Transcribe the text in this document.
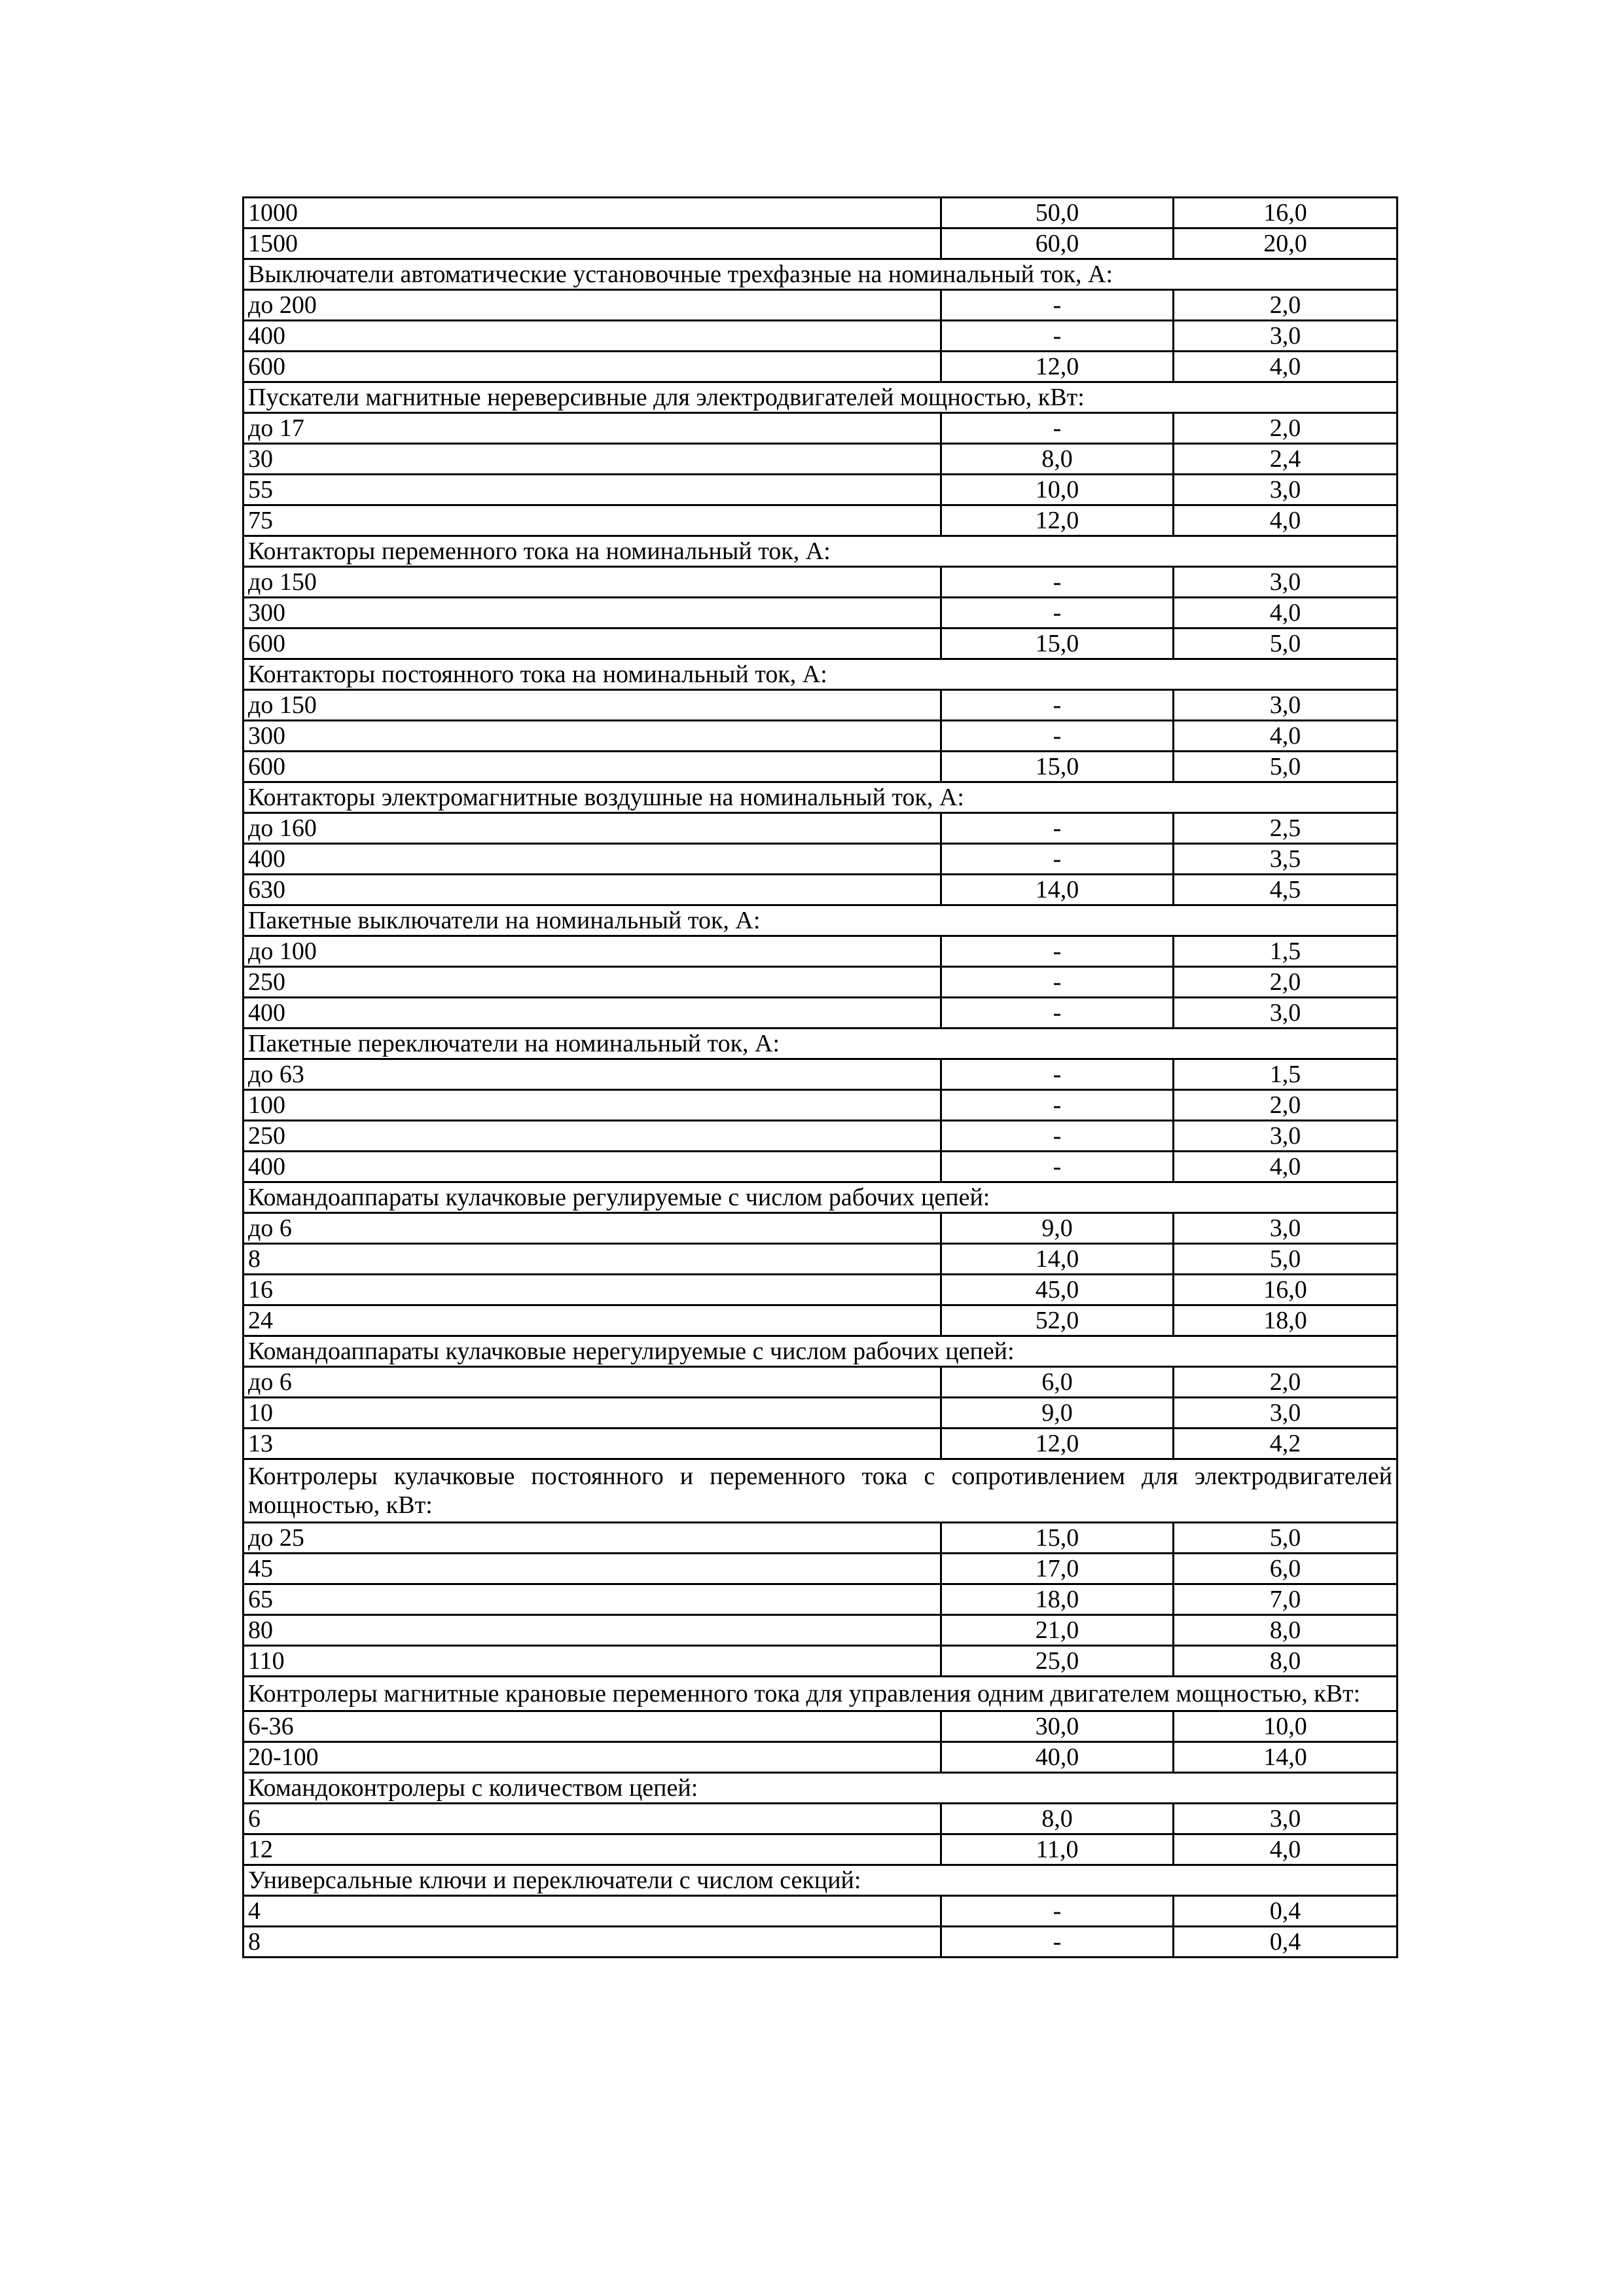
1000	50,0	16,0
1500	60,0	20,0
Выключатели автоматические установочные трехфазные на номинальный ток, А:		
до 200	-	2,0
400	-	3,0
600	12,0	4,0
Пускатели магнитные нереверсивные для электродвигателей мощностью, кВт:		
до 17	-	2,0
30	8,0	2,4
55	10,0	3,0
75	12,0	4,0
Контакторы переменного тока на номинальный ток, А:		
до 150	-	3,0
300	-	4,0
600	15,0	5,0
Контакторы постоянного тока на номинальный ток, А:		
до 150	-	3,0
300	-	4,0
600	15,0	5,0
Контакторы электромагнитные воздушные на номинальный ток, А:		
до 160	-	2,5
400	-	3,5
630	14,0	4,5
Пакетные выключатели на номинальный ток, А:		
до 100	-	1,5
250	-	2,0
400	-	3,0
Пакетные переключатели на номинальный ток, А:		
до 63	-	1,5
100	-	2,0
250	-	3,0
400	-	4,0
Командоаппараты кулачковые регулируемые с числом рабочих цепей:		
до 6	9,0	3,0
8	14,0	5,0
16	45,0	16,0
24	52,0	18,0
Командоаппараты кулачковые нерегулируемые с числом рабочих цепей:		
до 6	6,0	2,0
10	9,0	3,0
13	12,0	4,2
Контролеры кулачковые постоянного и переменного тока с сопротивлением для электродвигателей мощностью, кВт:		
до 25	15,0	5,0
45	17,0	6,0
65	18,0	7,0
80	21,0	8,0
110	25,0	8,0
Контролеры магнитные крановые переменного тока для управления одним двигателем мощностью, кВт:		
6-36	30,0	10,0
20-100	40,0	14,0
Командоконтролеры с количеством цепей:		
6	8,0	3,0
12	11,0	4,0
Универсальные ключи и переключатели с числом секций:		
4	-	0,4
8	-	0,4
